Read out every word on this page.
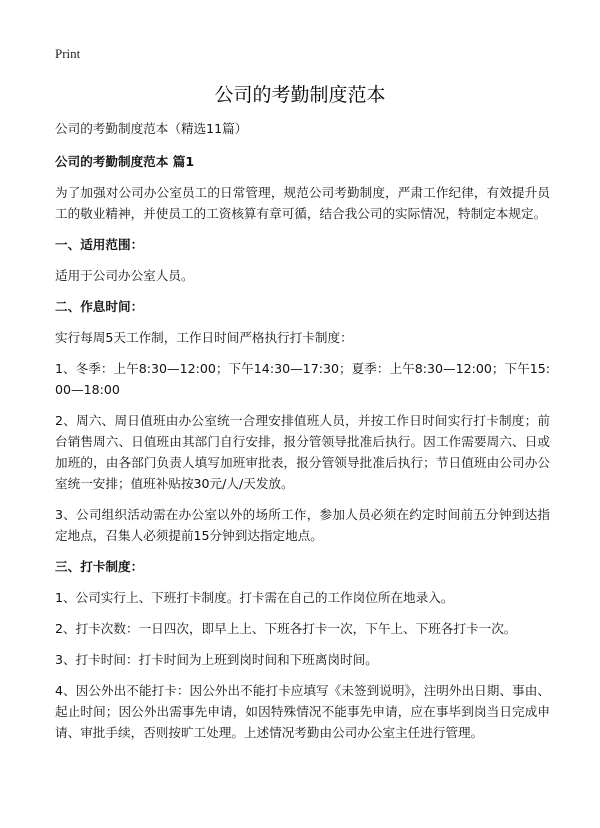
Print
公司的考勤制度范本

公司的考勤制度范本（精选11篇）

公司的考勤制度范本 篇1

为了加强对公司办公室员工的日常管理，规范公司考勤制度，严肃工作纪律，有效提升员工的敬业精神，并使员工的工资核算有章可循，结合我公司的实际情况，特制定本规定。

一、适用范围：

适用于公司办公室人员。

二、作息时间：

实行每周5天工作制，工作日时间严格执行打卡制度：

1、冬季：上午8:30—12:00；下午14:30—17:30；夏季：上午8:30—12:00；下午15:00—18:00

2、周六、周日值班由办公室统一合理安排值班人员，并按工作日时间实行打卡制度；前台销售周六、日值班由其部门自行安排，报分管领导批准后执行。因工作需要周六、日或加班的，由各部门负责人填写加班审批表，报分管领导批准后执行；节日值班由公司办公室统一安排；值班补贴按30元/人/天发放。

3、公司组织活动需在办公室以外的场所工作，参加人员必须在约定时间前五分钟到达指定地点，召集人必须提前15分钟到达指定地点。

三、打卡制度：

1、公司实行上、下班打卡制度。打卡需在自己的工作岗位所在地录入。

2、打卡次数：一日四次，即早上上、下班各打卡一次，下午上、下班各打卡一次。

3、打卡时间：打卡时间为上班到岗时间和下班离岗时间。

4、因公外出不能打卡：因公外出不能打卡应填写《未签到说明》，注明外出日期、事由、起止时间；因公外出需事先申请，如因特殊情况不能事先申请，应在事毕到岗当日完成申请、审批手续，否则按旷工处理。上述情况考勤由公司办公室主任进行管理。
